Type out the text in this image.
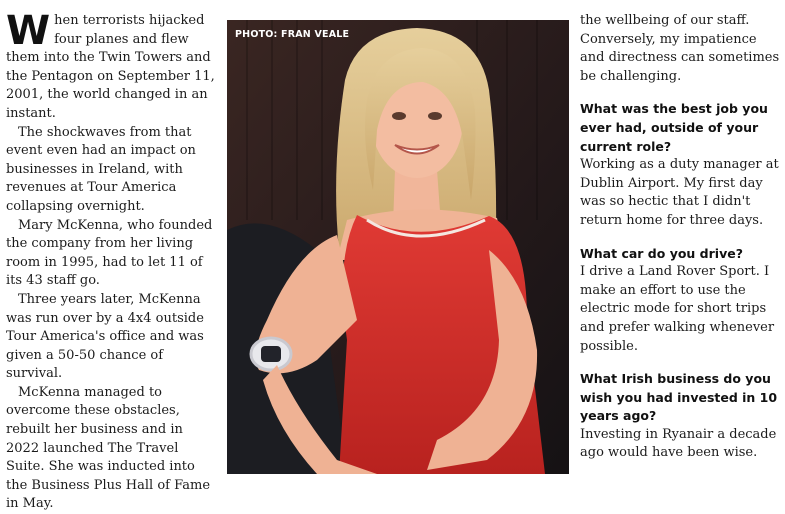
When terrorists hijacked four planes and flew them into the Twin Towers and the Pentagon on September 11, 2001, the world changed in an instant.

The shockwaves from that event even had an impact on businesses in Ireland, with revenues at Tour America collapsing overnight.

Mary McKenna, who founded the company from her living room in 1995, had to let 11 of its 43 staff go.

Three years later, McKenna was run over by a 4x4 outside Tour America's office and was given a 50-50 chance of survival.

McKenna managed to overcome these obstacles, rebuilt her business and in 2022 launched The Travel Suite. She was inducted into the Business Plus Hall of Fame in May.

PHOTO: FRAN VEALE

the wellbeing of our staff. Conversely, my impatience and directness can sometimes be challenging.

What was the best job you ever had, outside of your current role?

Working as a duty manager at Dublin Airport. My first day was so hectic that I didn't return home for three days.

What car do you drive?

I drive a Land Rover Sport. I make an effort to use the electric mode for short trips and prefer walking whenever possible.

What Irish business do you wish you had invested in 10 years ago?

Investing in Ryanair a decade ago would have been wise.
